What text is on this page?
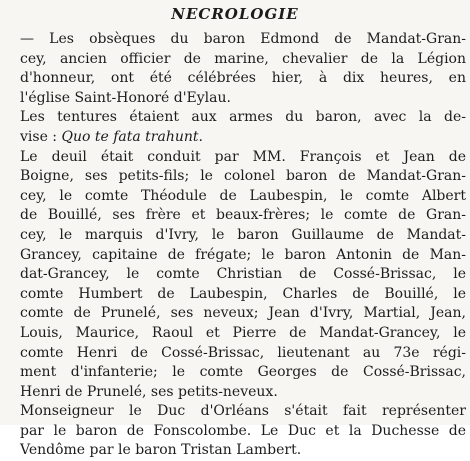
NECROLOGIE

— Les obsèques du baron Edmond de Mandat-Gran-
cey, ancien officier de marine, chevalier de la Légion
d'honneur, ont été célébrées hier, à dix heures, en
l'église Saint-Honoré d'Eylau.

Les tentures étaient aux armes du baron, avec la de-
vise : Quo te fata trahunt.

Le deuil était conduit par MM. François et Jean de
Boigne, ses petits-fils; le colonel baron de Mandat-Gran-
cey, le comte Théodule de Laubespin, le comte Albert
de Bouillé, ses frère et beaux-frères; le comte de Gran-
cey, le marquis d'Ivry, le baron Guillaume de Mandat-
Grancey, capitaine de frégate; le baron Antonin de Man-
dat-Grancey, le comte Christian de Cossé-Brissac, le
comte Humbert de Laubespin, Charles de Bouillé, le
comte de Prunelé, ses neveux; Jean d'Ivry, Martial, Jean,
Louis, Maurice, Raoul et Pierre de Mandat-Grancey, le
comte Henri de Cossé-Brissac, lieutenant au 73e régi-
ment d'infanterie; le comte Georges de Cossé-Brissac,
Henri de Prunelé, ses petits-neveux.

Monseigneur le Duc d'Orléans s'était fait représenter
par le baron de Fonscolombe. Le Duc et la Duchesse de
Vendôme par le baron Tristan Lambert.
